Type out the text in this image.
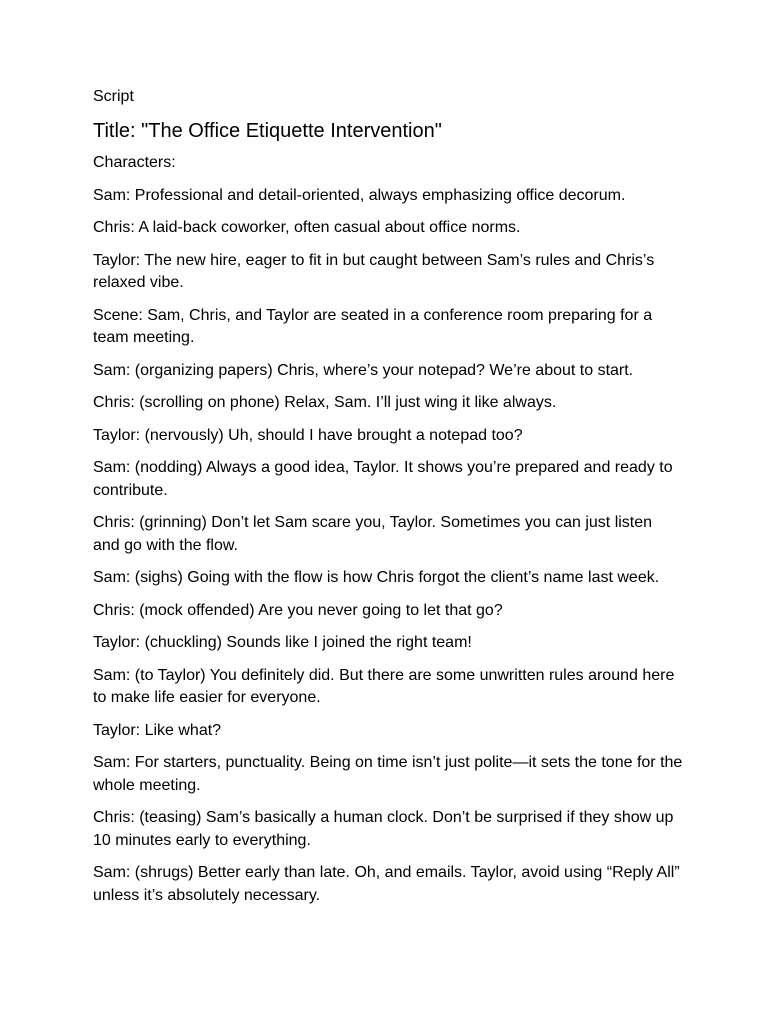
Script
Title: "The Office Etiquette Intervention"
Characters:
Sam: Professional and detail-oriented, always emphasizing office decorum.
Chris: A laid-back coworker, often casual about office norms.
Taylor: The new hire, eager to fit in but caught between Sam’s rules and Chris’s relaxed vibe.
Scene: Sam, Chris, and Taylor are seated in a conference room preparing for a team meeting.
Sam: (organizing papers) Chris, where’s your notepad? We’re about to start.
Chris: (scrolling on phone) Relax, Sam. I’ll just wing it like always.
Taylor: (nervously) Uh, should I have brought a notepad too?
Sam: (nodding) Always a good idea, Taylor. It shows you’re prepared and ready to contribute.
Chris: (grinning) Don’t let Sam scare you, Taylor. Sometimes you can just listen and go with the flow.
Sam: (sighs) Going with the flow is how Chris forgot the client’s name last week.
Chris: (mock offended) Are you never going to let that go?
Taylor: (chuckling) Sounds like I joined the right team!
Sam: (to Taylor) You definitely did. But there are some unwritten rules around here to make life easier for everyone.
Taylor: Like what?
Sam: For starters, punctuality. Being on time isn’t just polite—it sets the tone for the whole meeting.
Chris: (teasing) Sam’s basically a human clock. Don’t be surprised if they show up 10 minutes early to everything.
Sam: (shrugs) Better early than late. Oh, and emails. Taylor, avoid using “Reply All” unless it’s absolutely necessary.
